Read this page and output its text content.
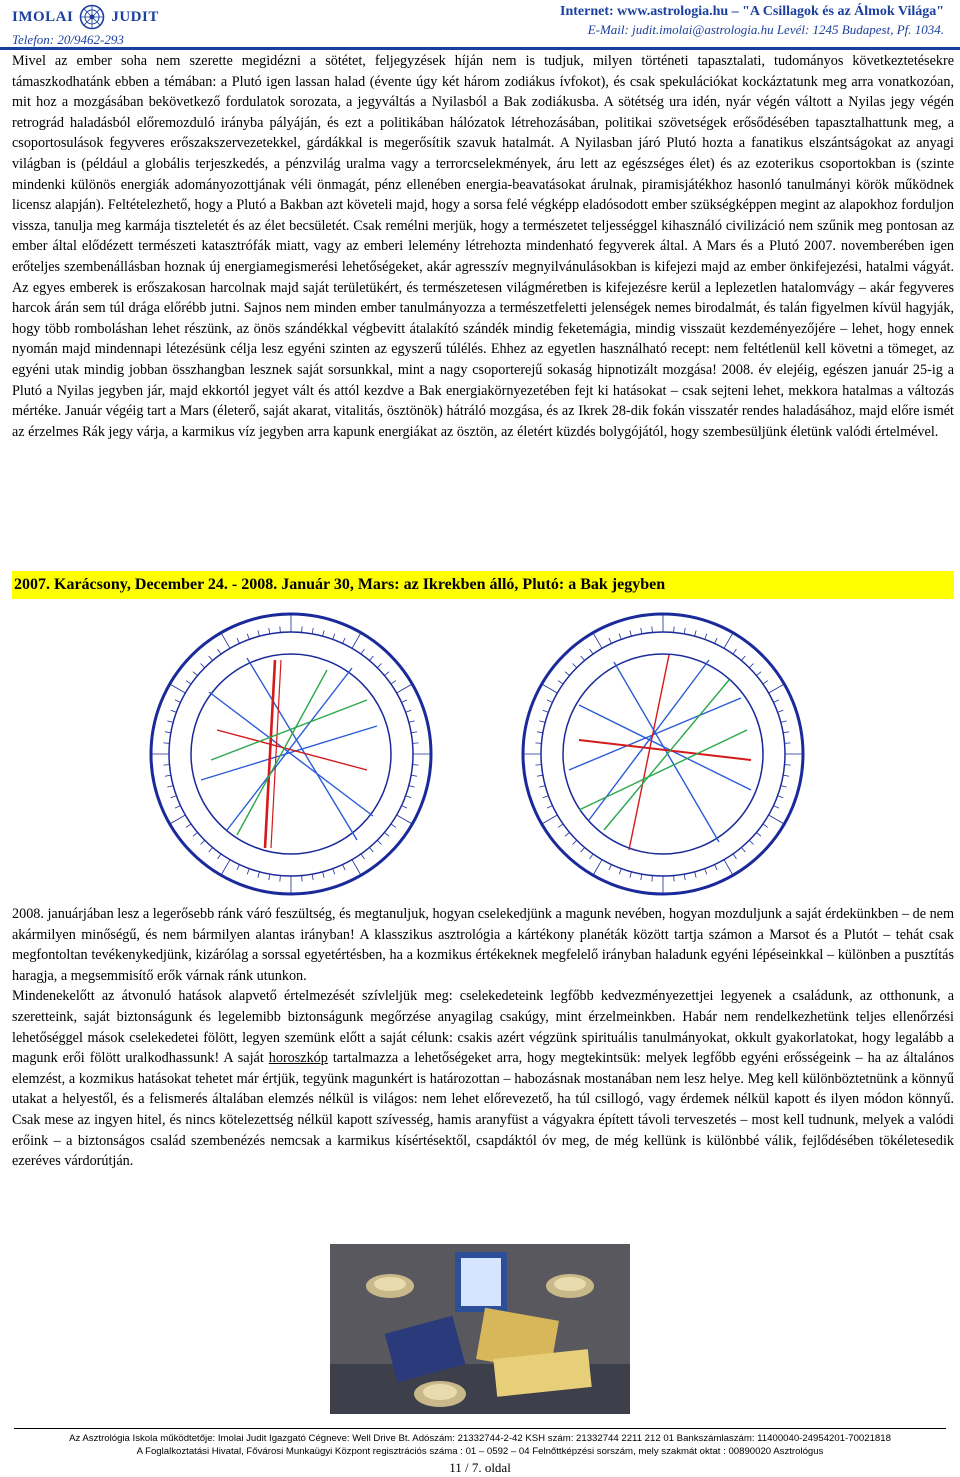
IMOLAI	JUDIT
Telefon: 20/9462-293
Internet: www.astrologia.hu – "A Csillagok és az Álmok Világa"
E-Mail: judit.imolai@astrologia.hu Levél: 1245 Budapest, Pf. 1034.

Mivel az ember soha nem szerette megidézni a sötétet, feljegyzések híján nem is tudjuk, milyen történeti tapasztalati, tudományos következtetésekre támaszkodhatánk ebben a témában: a Plutó igen lassan halad (évente úgy két három zodiákus ívfokot), és csak spekulációkat kockáztatunk meg arra vonatkozóan, mit hoz a mozgásában bekövetkező fordulatok sorozata, a jegyváltás a Nyilasból a Bak zodiákusba. A sötétség ura idén, nyár végén váltott a Nyilas jegy végén retrográd haladásból előremozduló irányba pályáján, és ezt a politikában hálózatok létrehozásában, politikai szövetségek erősődésében tapasztalhattunk meg, a csoportosulások fegyveres erőszakszervezetekkel, gárdákkal is megerősítik szavuk hatalmát. A Nyilasban járó Plutó hozta a fanatikus elszántságokat az anyagi világban is (például a globális terjeszkedés, a pénzvilág uralma vagy a terrorcselekmények, áru lett az egészséges élet) és az ezoterikus csoportokban is (szinte mindenki különös energiák adományozottjának véli önmagát, pénz ellenében energia-beavatásokat árulnak, piramisjátékhoz hasonló tanulmányi körök működnek licensz alapján). Feltételezhető, hogy a Plutó a Bakban azt követeli majd, hogy a sorsa felé végképp eladósodott ember szükségképpen megint az alapokhoz forduljon vissza, tanulja meg karmája tiszteletét és az élet becsületét. Csak remélni merjük, hogy a természetet teljességgel kihasználó civilizáció nem szűnik meg pontosan az ember által elődézett természeti katasztrófák miatt, vagy az emberi lelemény létrehozta mindenható fegyverek által. A Mars és a Plutó 2007. novemberében igen erőteljes szembenállásban hoznak új energiamegismerési lehetőségeket, akár agresszív megnyilvánulásokban is kifejezi majd az ember önkifejezési, hatalmi vágyát. Az egyes emberek is erőszakosan harcolnak majd saját területükért, és természetesen világméretben is kifejezésre kerül a leplezetlen hatalomvágy – akár fegyveres harcok árán sem túl drága előrébb jutni. Sajnos nem minden ember tanulmányozza a természetfeletti jelenségek nemes birodalmát, és talán figyelmen kívül hagyják, hogy több romboláshan lehet részünk, az önös szándékkal végbevitt átalakító szándék mindig feketemágia, mindig visszaüt kezdeményezőjére – lehet, hogy ennek nyomán majd mindennapi létezésünk célja lesz egyéni szinten az egyszerű túlélés. Ehhez az egyetlen használható recept: nem feltétlenül kell követni a tömeget, az egyéni utak mindig jobban összhangban lesznek saját sorsunkkal, mint a nagy csoporterejű sokaság hipnotizált mozgása! 2008. év elejéig, egészen január 25-ig a Plutó a Nyilas jegyben jár, majd ekkortól jegyet vált és attól kezdve a Bak energiakörnyezetében fejt ki hatásokat – csak sejteni lehet, mekkora hatalmas a változás mértéke. Január végéig tart a Mars (életerő, saját akarat, vitalitás, ösztönök) hátráló mozgása, és az Ikrek 28-dik fokán visszatér rendes haladásához, majd előre ismét az érzelmes Rák jegy várja, a karmikus víz jegyben arra kapunk energiákat az ösztön, az életért küzdés bolygójától, hogy szembesüljünk életünk valódi értelmével.

2007. Karácsony, December 24. - 2008. Január 30, Mars: az Ikrekben álló, Plutó: a Bak jegyben

2008. januárjában lesz a legerősebb ránk váró feszültség, és megtanuljuk, hogyan cselekedjünk a magunk nevében, hogyan mozduljunk a saját érdekünkben – de nem akármilyen minőségű, és nem bármilyen alantas irányban! A klasszikus asztrológia a kártékony planéták között tartja számon a Marsot és a Plutót – tehát csak megfontoltan tevékenykedjünk, kizárólag a sorssal egyetértésben, ha a kozmikus értékeknek megfelelő irányban haladunk egyéni lépéseinkkal – különben a pusztítás haragja, a megsemmisítő erők várnak ránk utunkon.

Mindenekelőtt az átvonuló hatások alapvető értelmezését szívleljük meg: cselekedeteink legfőbb kedvezményezettjei legyenek a családunk, az otthonunk, a szeretteink, saját biztonságunk és legelemibb biztonságunk megőrzése anyagilag csakúgy, mint érzelmeinkben. Habár nem rendelkezhetünk teljes ellenőrzési lehetőséggel mások cselekedetei fölött, legyen szemünk előtt a saját célunk: csakis azért végzünk spirituális tanulmányokat, okkult gyakorlatokat, hogy legalább a magunk erői fölött uralkodhassunk! A saját horoszkóp tartalmazza a lehetőségeket arra, hogy megtekintsük: melyek legfőbb egyéni erősségeink – ha az általános elemzést, a kozmikus hatásokat tehetet már értjük, tegyünk magunkért is határozottan – habozásnak mostanában nem lesz helye. Meg kell különböztetnünk a könnyű utakat a helyestől, és a felismerés általában elemzés nélkül is világos: nem lehet előrevezető, ha túl csillogó, vagy érdemek nélkül kapott és ilyen módon könnyű. Csak mese az ingyen hitel, és nincs kötelezettség nélkül kapott szívesség, hamis aranyfüst a vágyakra épített távoli terveszetés – most kell tudnunk, melyek a valódi erőink – a biztonságos család szembenézés nemcsak a karmikus kísértésektől, csapdáktól óv meg, de még kellünk is különbbé válik, fejlődésében tökéletesedik ezeréves várdorútján.

Az Asztrológia Iskola működtetője: Imolai Judit Igazgató Cégneve: Well Drive Bt. Adószám: 21332744-2-42 KSH szám: 21332744 2211 212 01 Bankszámlaszám: 11400040-24954201-70021818
A Foglalkoztatási Hivatal, Fővárosi Munkaügyi Központ regisztrációs száma : 01 – 0592 – 04 Felnőttképzési sorszám, mely szakmát oktat : 00890020 Asztrológus
11 / 7. oldal
